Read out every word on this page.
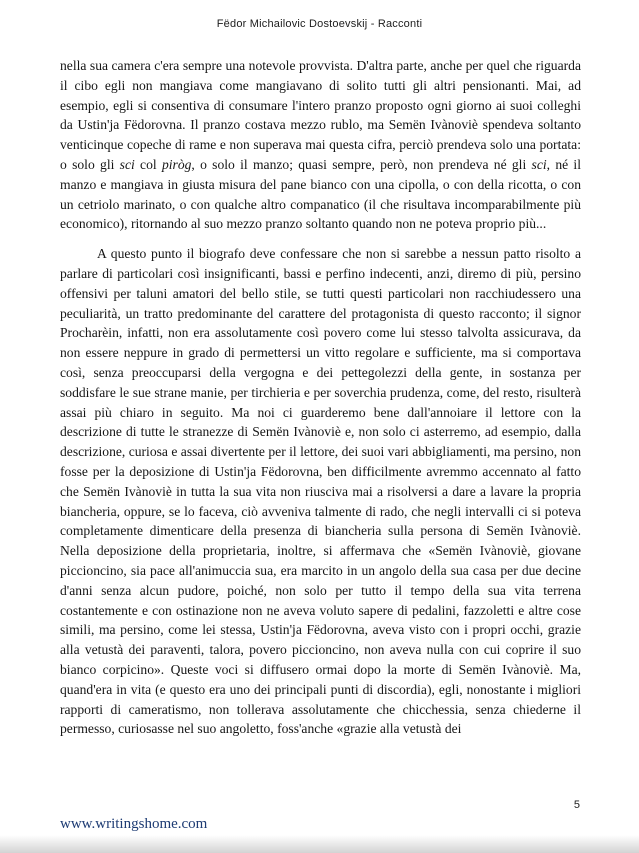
Fëdor Michailovic Dostoevskij - Racconti

nella sua camera c'era sempre una notevole provvista. D'altra parte, anche per quel che riguarda il cibo egli non mangiava come mangiavano di solito tutti gli altri pensionanti. Mai, ad esempio, egli si consentiva di consumare l'intero pranzo proposto ogni giorno ai suoi colleghi da Ustin'ja Fëdorovna. Il pranzo costava mezzo rublo, ma Semën Ivànoviè spendeva soltanto venticinque copeche di rame e non superava mai questa cifra, perciò prendeva solo una portata: o solo gli sci col piròg, o solo il manzo; quasi sempre, però, non prendeva né gli sci, né il manzo e mangiava in giusta misura del pane bianco con una cipolla, o con della ricotta, o con un cetriolo marinato, o con qualche altro companatico (il che risultava incomparabilmente più economico), ritornando al suo mezzo pranzo soltanto quando non ne poteva proprio più...

A questo punto il biografo deve confessare che non si sarebbe a nessun patto risolto a parlare di particolari così insignificanti, bassi e perfino indecenti, anzi, diremo di più, persino offensivi per taluni amatori del bello stile, se tutti questi particolari non racchiudessero una peculiarità, un tratto predominante del carattere del protagonista di questo racconto; il signor Procharèin, infatti, non era assolutamente così povero come lui stesso talvolta assicurava, da non essere neppure in grado di permettersi un vitto regolare e sufficiente, ma si comportava così, senza preoccuparsi della vergogna e dei pettegolezzi della gente, in sostanza per soddisfare le sue strane manie, per tirchieria e per soverchia prudenza, come, del resto, risulterà assai più chiaro in seguito. Ma noi ci guarderemo bene dall'annoiare il lettore con la descrizione di tutte le stranezze di Semën Ivànoviè e, non solo ci asterremo, ad esempio, dalla descrizione, curiosa e assai divertente per il lettore, dei suoi vari abbigliamenti, ma persino, non fosse per la deposizione di Ustin'ja Fëdorovna, ben difficilmente avremmo accennato al fatto che Semën Ivànoviè in tutta la sua vita non riusciva mai a risolversi a dare a lavare la propria biancheria, oppure, se lo faceva, ciò avveniva talmente di rado, che negli intervalli ci si poteva completamente dimenticare della presenza di biancheria sulla persona di Semën Ivànoviè. Nella deposizione della proprietaria, inoltre, si affermava che «Semën Ivànoviè, giovane piccioncino, sia pace all'animuccia sua, era marcito in un angolo della sua casa per due decine d'anni senza alcun pudore, poiché, non solo per tutto il tempo della sua vita terrena costantemente e con ostinazione non ne aveva voluto sapere di pedalini, fazzoletti e altre cose simili, ma persino, come lei stessa, Ustin'ja Fëdorovna, aveva visto con i propri occhi, grazie alla vetustà dei paraventi, talora, povero piccioncino, non aveva nulla con cui coprire il suo bianco corpicino». Queste voci si diffusero ormai dopo la morte di Semën Ivànoviè. Ma, quand'era in vita (e questo era uno dei principali punti di discordia), egli, nonostante i migliori rapporti di cameratismo, non tollerava assolutamente che chicchessia, senza chiederne il permesso, curiosasse nel suo angoletto, foss'anche «grazie alla vetustà dei

5
www.writingshome.com
